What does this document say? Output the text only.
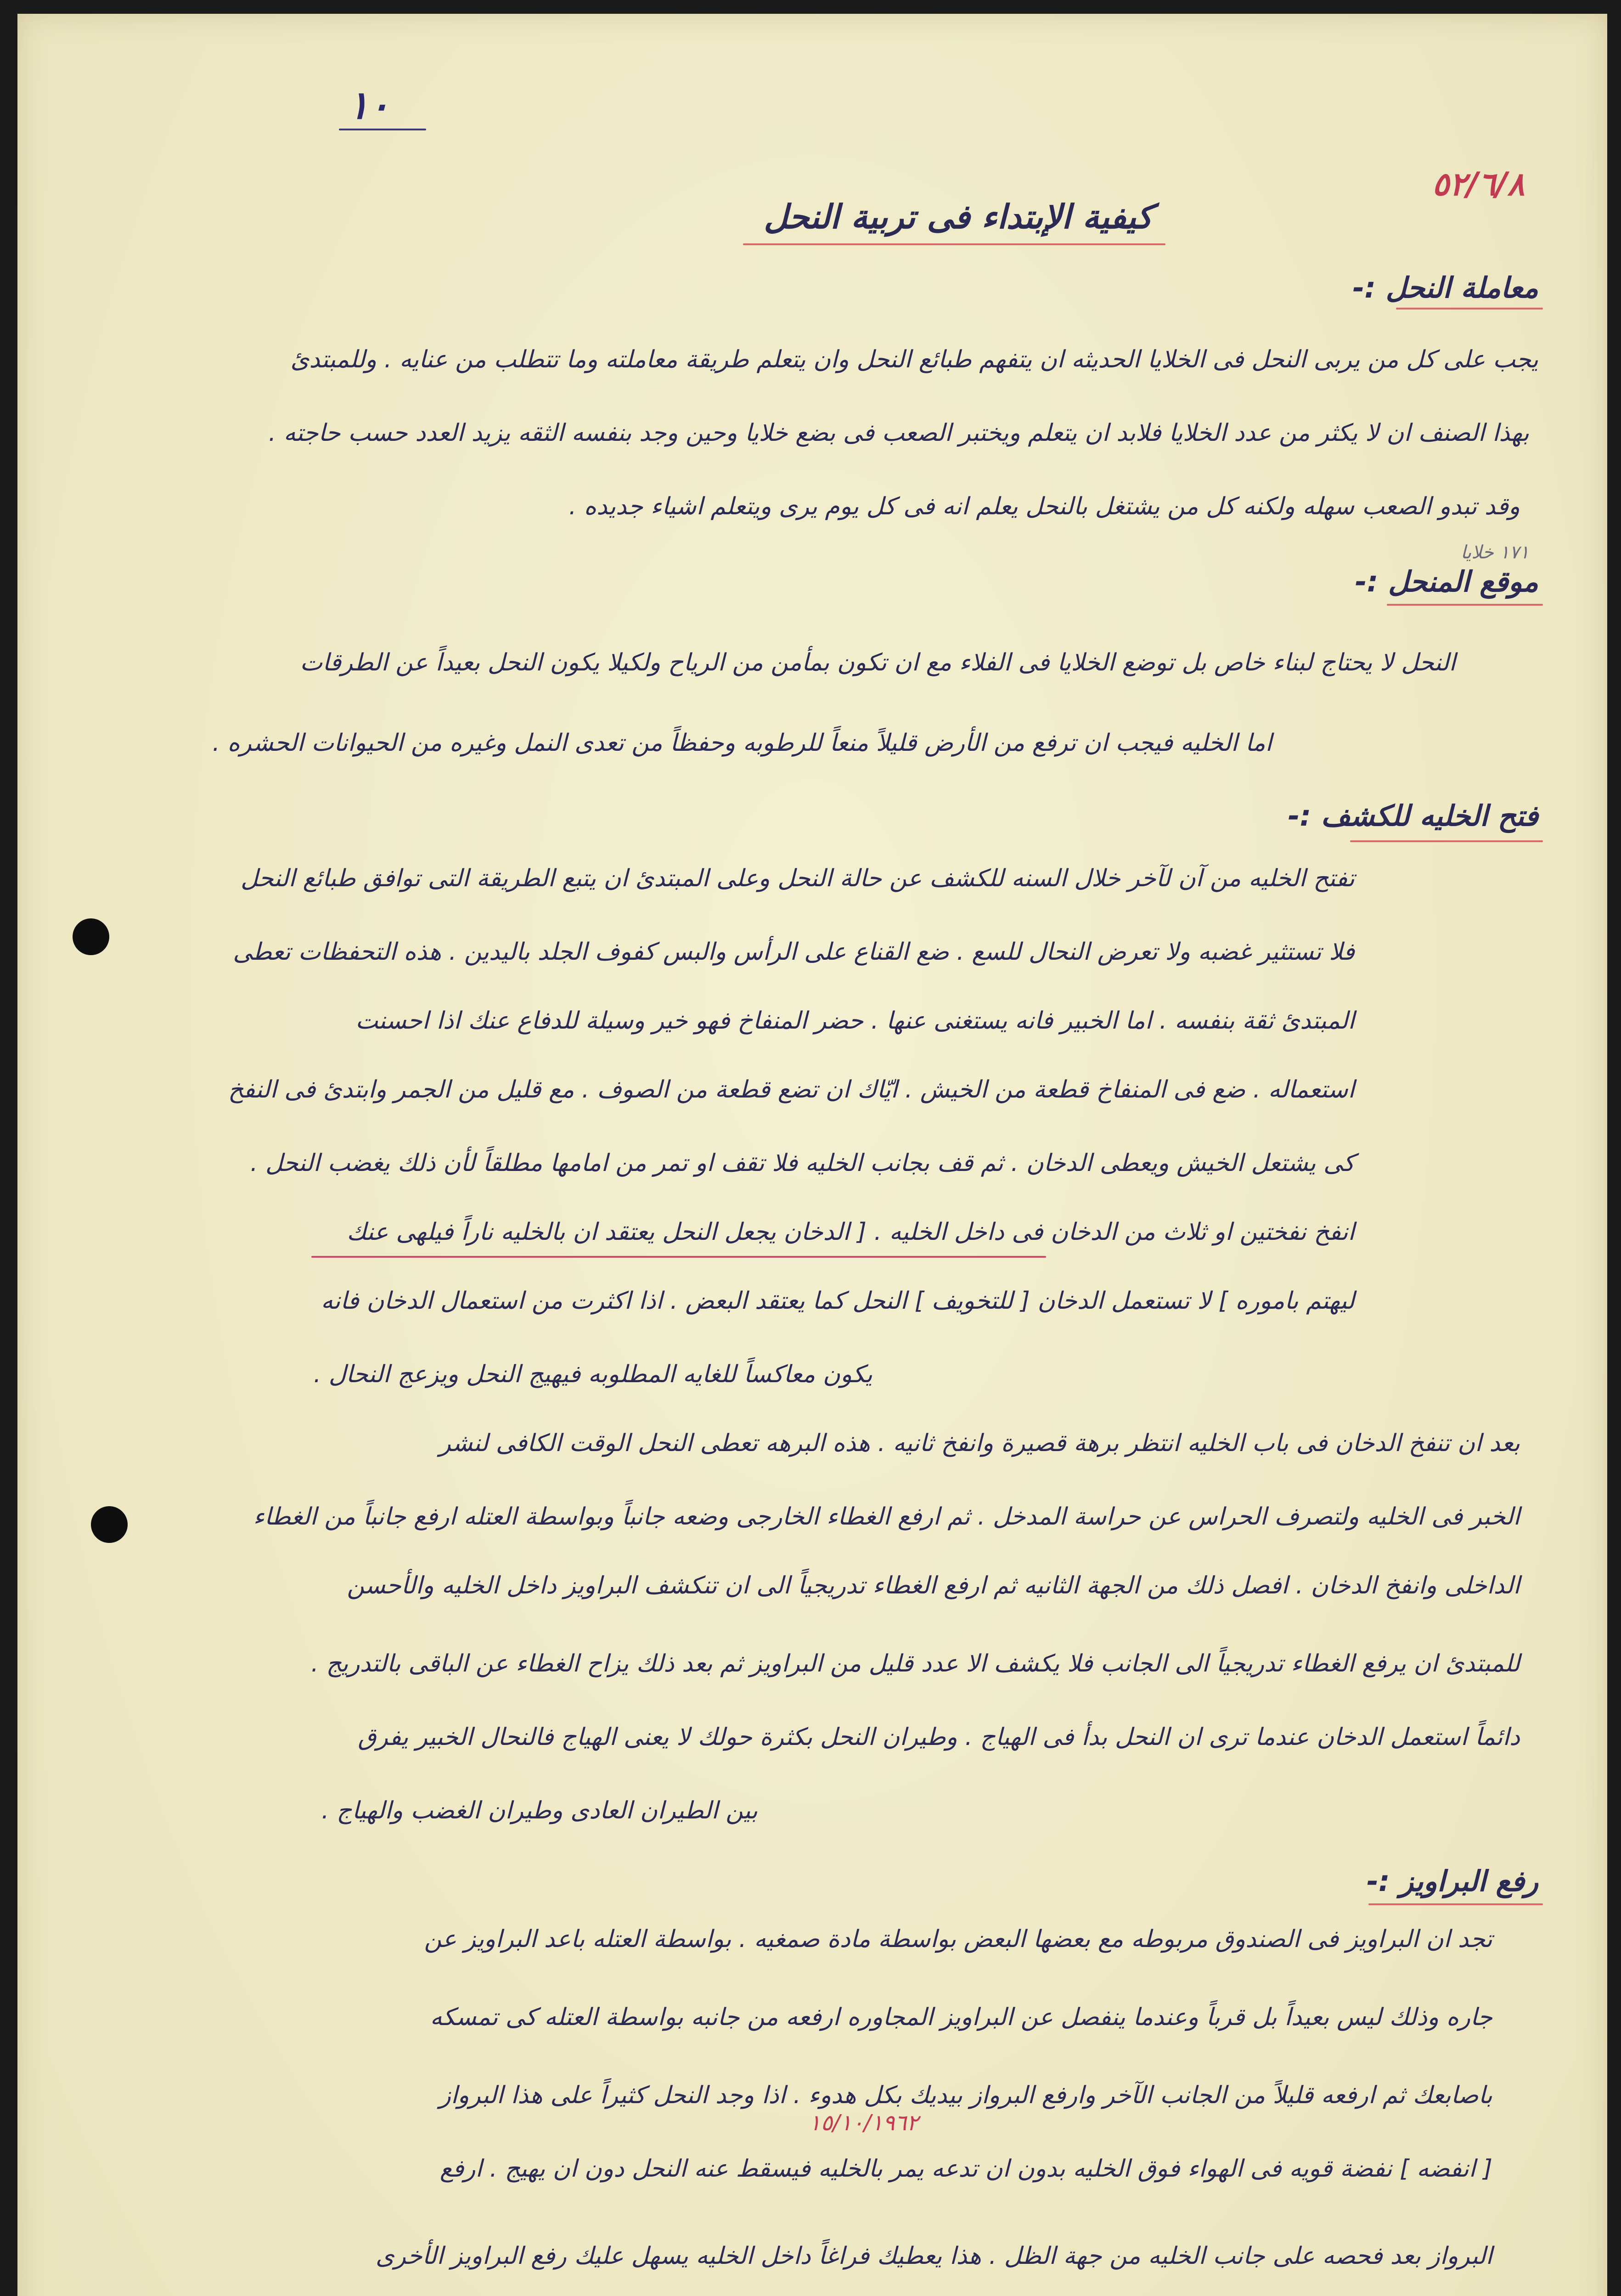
١٠
٥٢/٦/٨
كيفية الإبتداء فى تربية النحل
معاملة النحل :-
يجب على كل من يربى النحل فى الخلايا الحديثه ان يتفهم طبائع النحل وان يتعلم طريقة معاملته وما تتطلب من عنايه . وللمبتدئ
بهذا الصنف ان لا يكثر من عدد الخلايا فلابد ان يتعلم ويختبر الصعب فى بضع خلايا وحين وجد بنفسه الثقه يزيد العدد حسب حاجته .
وقد تبدو الصعب سهله ولكنه كل من يشتغل بالنحل يعلم انه فى كل يوم يرى ويتعلم اشياء جديده .
١٧١ خلايا
موقع المنحل :-
النحل لا يحتاج لبناء خاص بل توضع الخلايا فى الفلاء مع ان تكون بمأمن من الرياح ولكيلا يكون النحل بعيداً عن الطرقات
اما الخليه فيجب ان ترفع من الأرض قليلاً منعاً للرطوبه وحفظاً من تعدى النمل وغيره من الحيوانات الحشره .
فتح الخليه للكشف :-
تفتح الخليه من آن لآخر خلال السنه للكشف عن حالة النحل وعلى المبتدئ ان يتبع الطريقة التى توافق طبائع النحل
فلا تستثير غضبه ولا تعرض النحال للسع . ضع القناع على الرأس والبس كفوف الجلد باليدين . هذه التحفظات تعطى
المبتدئ ثقة بنفسه . اما الخبير فانه يستغنى عنها . حضر المنفاخ فهو خير وسيلة للدفاع عنك اذا احسنت
استعماله . ضع فى المنفاخ قطعة من الخيش . ايّاك ان تضع قطعة من الصوف . مع قليل من الجمر وابتدئ فى النفخ
كى يشتعل الخيش ويعطى الدخان . ثم قف بجانب الخليه فلا تقف او تمر من امامها مطلقاً لأن ذلك يغضب النحل .
انفخ نفختين او ثلاث من الدخان فى داخل الخليه . [ الدخان يجعل النحل يعتقد ان بالخليه ناراً فيلهى عنك
ليهتم باموره ] لا تستعمل الدخان [ للتخويف ] النحل كما يعتقد البعض . اذا اكثرت من استعمال الدخان فانه
يكون معاكساً للغايه المطلوبه فيهيج النحل ويزعج النحال .
بعد ان تنفخ الدخان فى باب الخليه انتظر برهة قصيرة وانفخ ثانيه . هذه البرهه تعطى النحل الوقت الكافى لنشر
الخبر فى الخليه ولتصرف الحراس عن حراسة المدخل . ثم ارفع الغطاء الخارجى وضعه جانباً وبواسطة العتله ارفع جانباً من الغطاء
الداخلى وانفخ الدخان . افصل ذلك من الجهة الثانيه ثم ارفع الغطاء تدريجياً الى ان تنكشف البراويز داخل الخليه والأحسن
للمبتدئ ان يرفع الغطاء تدريجياً الى الجانب فلا يكشف الا عدد قليل من البراويز ثم بعد ذلك يزاح الغطاء عن الباقى بالتدريج .
دائماً استعمل الدخان عندما ترى ان النحل بدأ فى الهياج . وطيران النحل بكثرة حولك لا يعنى الهياج فالنحال الخبير يفرق
بين الطيران العادى وطيران الغضب والهياج .
رفع البراويز :-
تجد ان البراويز فى الصندوق مربوطه مع بعضها البعض بواسطة مادة صمغيه . بواسطة العتله باعد البراويز عن
جاره وذلك ليس بعيداً بل قرباً وعندما ينفصل عن البراويز المجاوره ارفعه من جانبه بواسطة العتله كى تمسكه
باصابعك ثم ارفعه قليلاً من الجانب الآخر وارفع البرواز بيديك بكل هدوء . اذا وجد النحل كثيراً على هذا البرواز
[ انفضه ] نفضة قويه فى الهواء فوق الخليه بدون ان تدعه يمر بالخليه فيسقط عنه النحل دون ان يهيج . ارفع
البرواز بعد فحصه على جانب الخليه من جهة الظل . هذا يعطيك فراغاً داخل الخليه يسهل عليك رفع البراويز الأخرى
١٥/١٠/١٩٦٢
